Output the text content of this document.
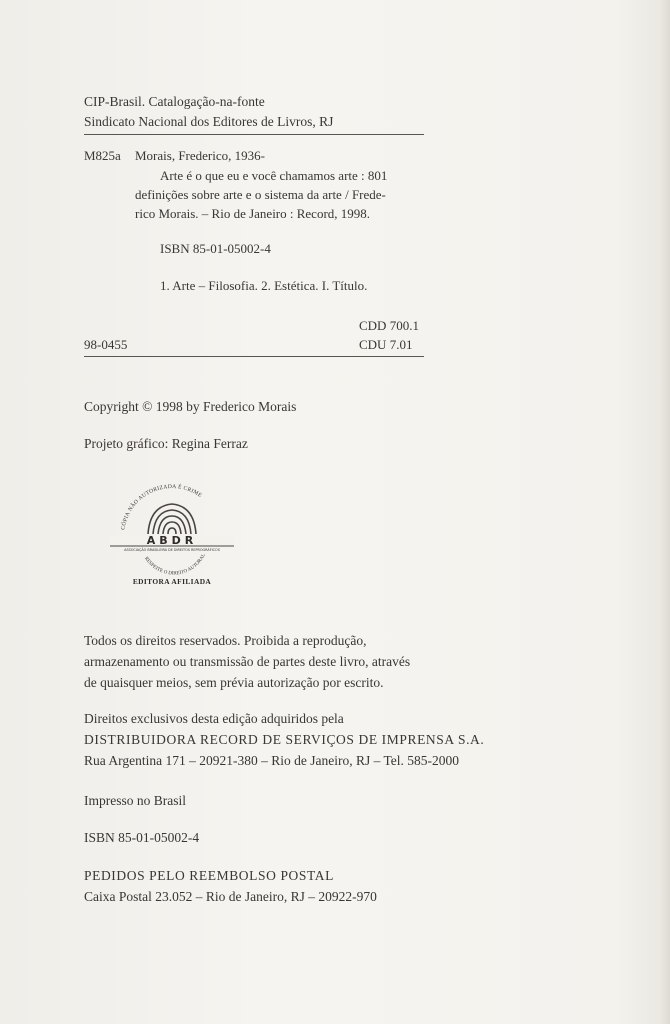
CIP-Brasil. Catalogação-na-fonte
Sindicato Nacional dos Editores de Livros, RJ
M825a Morais, Frederico, 1936-
Arte é o que eu e você chamamos arte : 801
definições sobre arte e o sistema da arte / Frede-
rico Morais. – Rio de Janeiro : Record, 1998.
ISBN 85-01-05002-4
1. Arte – Filosofia. 2. Estética. I. Título.
CDD 700.1
98-0455	CDU 7.01
Copyright © 1998 by Frederico Morais
Projeto gráfico: Regina Ferraz
CÓPIA NÃO AUTORIZADA É CRIME
ABDR
ASSOCIAÇÃO BRASILEIRA DE DIREITOS REPROGRÁFICOS
RESPEITE O DIREITO AUTORAL
EDITORA AFILIADA
Todos os direitos reservados. Proibida a reprodução,
armazenamento ou transmissão de partes deste livro, através
de quaisquer meios, sem prévia autorização por escrito.
Direitos exclusivos desta edição adquiridos pela
DISTRIBUIDORA RECORD DE SERVIÇOS DE IMPRENSA S.A.
Rua Argentina 171 – 20921-380 – Rio de Janeiro, RJ – Tel. 585-2000
Impresso no Brasil
ISBN 85-01-05002-4
PEDIDOS PELO REEMBOLSO POSTAL
Caixa Postal 23.052 – Rio de Janeiro, RJ – 20922-970
